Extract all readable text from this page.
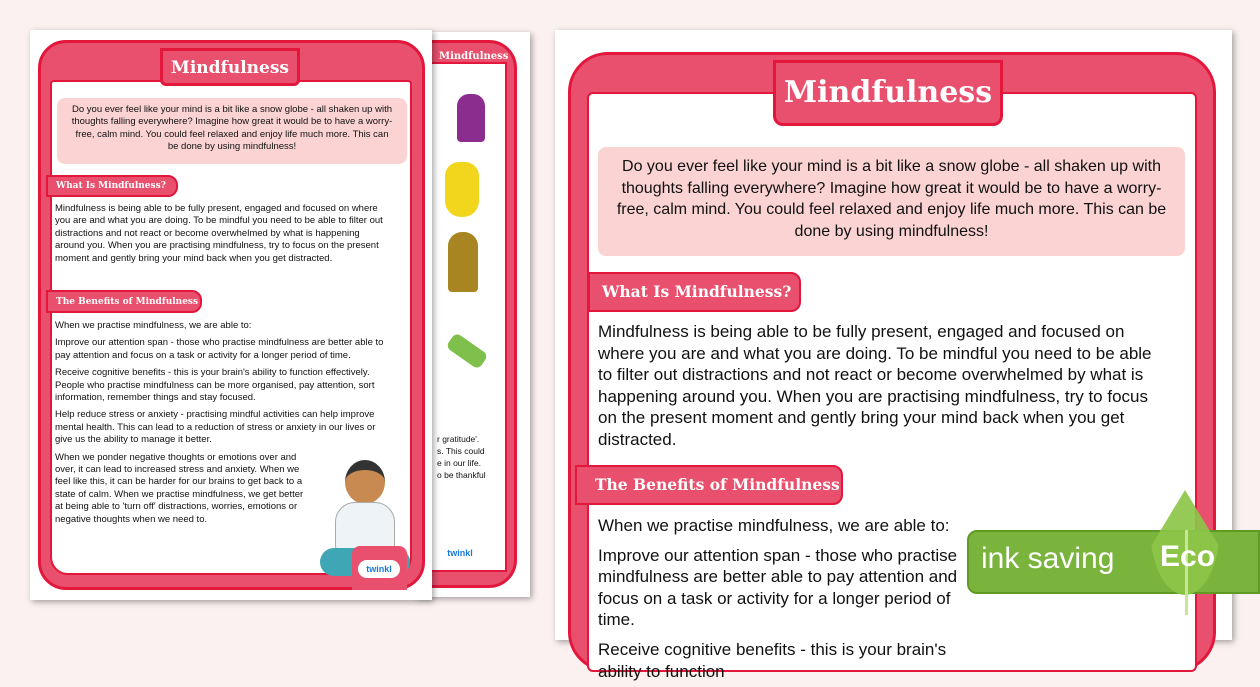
Mindfulness
r gratitude'.
s. This could
e in our life.
o be thankful
twinkl
Mindfulness
Do you ever feel like your mind is a bit like a snow globe - all shaken up with thoughts falling everywhere? Imagine how great it would be to have a worry-free, calm mind. You could feel relaxed and enjoy life much more. This can be done by using mindfulness!
What Is Mindfulness?
Mindfulness is being able to be fully present, engaged and focused on where you are and what you are doing. To be mindful you need to be able to filter out distractions and not react or become overwhelmed by what is happening around you. When you are practising mindfulness, try to focus on the present moment and gently bring your mind back when you get distracted.
The Benefits of Mindfulness

When we practise mindfulness, we are able to:

Improve our attention span - those who practise mindfulness are better able to pay attention and focus on a task or activity for a longer period of time.

Receive cognitive benefits - this is your brain's ability to function effectively. People who practise mindfulness can be more organised, pay attention, sort information, remember things and stay focused.

Help reduce stress or anxiety - practising mindful activities can help improve mental health. This can lead to a reduction of stress or anxiety in our lives or give us the ability to manage it better.

When we ponder negative thoughts or emotions over and over, it can lead to increased stress and anxiety. When we feel like this, it can be harder for our brains to get back to a state of calm. When we practise mindfulness, we get better at being able to 'turn off' distractions, worries, emotions or negative thoughts when we need to.

twinkl
Mindfulness
Do you ever feel like your mind is a bit like a snow globe - all shaken up with thoughts falling everywhere? Imagine how great it would be to have a worry-free, calm mind. You could feel relaxed and enjoy life much more. This can be done by using mindfulness!
What Is Mindfulness?
Mindfulness is being able to be fully present, engaged and focused on where you are and what you are doing. To be mindful you need to be able to filter out distractions and not react or become overwhelmed by what is happening around you. When you are practising mindfulness, try to focus on the present moment and gently bring your mind back when you get distracted.
The Benefits of Mindfulness

When we practise mindfulness, we are able to:

Improve our attention span - those who practise mindfulness are better able to pay attention and focus on a task or activity for a longer period of time.

Receive cognitive benefits - this is your brain's ability to function

ink saving Eco
